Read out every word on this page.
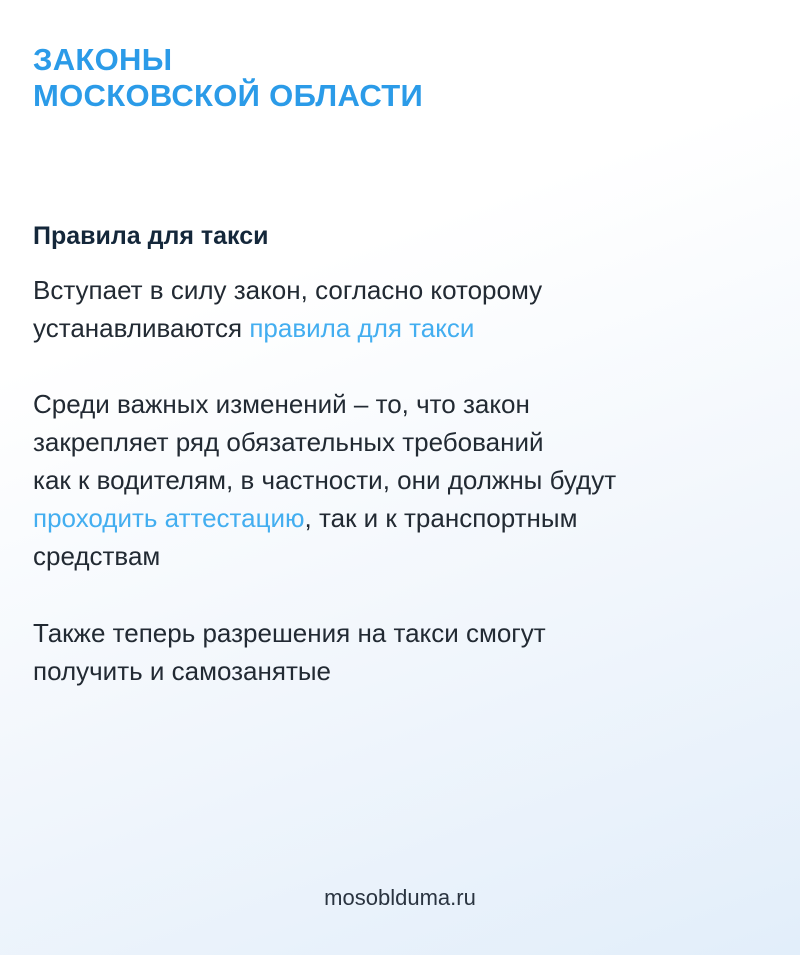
ЗАКОНЫ
МОСКОВСКОЙ ОБЛАСТИ
Правила для такси
Вступает в силу закон, согласно которому
устанавливаются правила для такси
Среди важных изменений – то, что закон
закрепляет ряд обязательных требований
как к водителям, в частности, они должны будут
проходить аттестацию, так и к транспортным
средствам
Также теперь разрешения на такси смогут
получить и самозанятые
mosobldumа.ru
